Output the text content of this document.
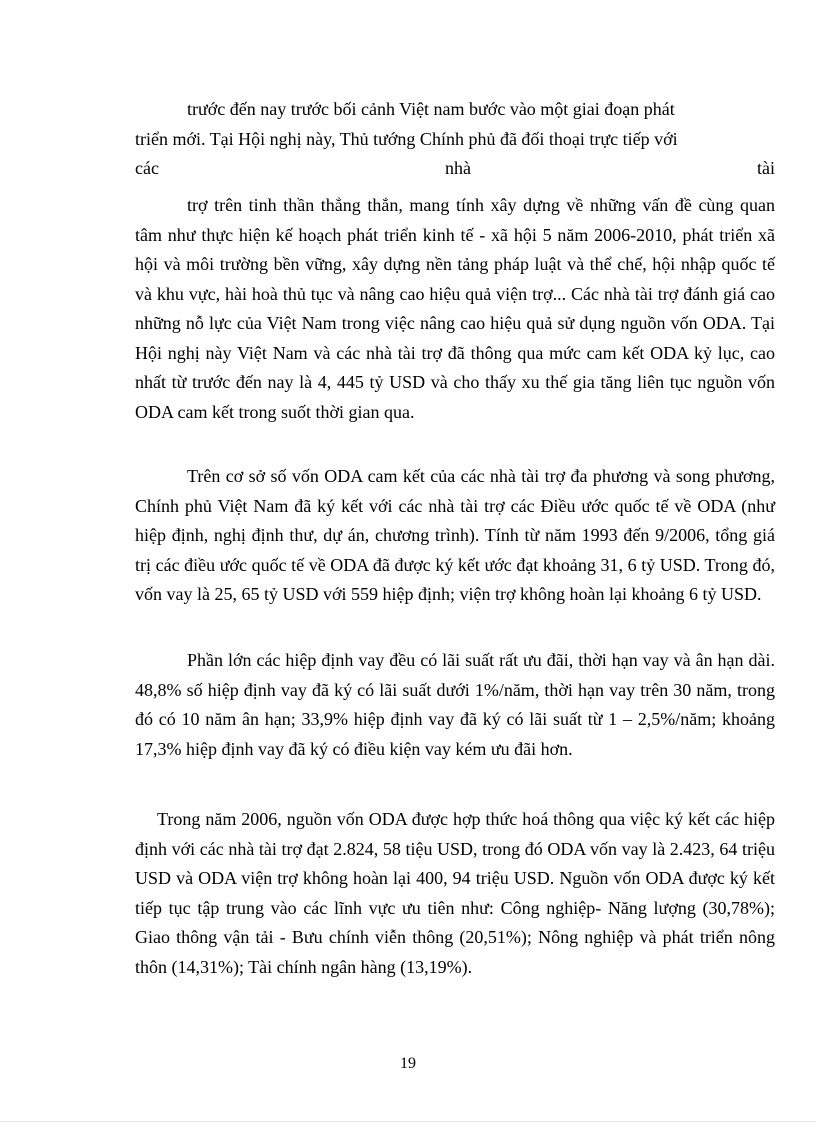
trước đến nay trước bối cảnh Việt nam bước vào một giai đoạn phát

triển mới. Tại Hội nghị này, Thủ tướng Chính phủ đã đối thoại trực tiếp với

các	nhà	tài

trợ trên tinh thần thẳng thắn, mang tính xây dựng về những vấn đề cùng quan tâm như thực hiện kế hoạch phát triển kinh tế - xã hội 5 năm 2006-2010, phát triển xã hội và môi trường bền vững, xây dựng nền tảng pháp luật và thể chế, hội nhập quốc tế và khu vực, hài hoà thủ tục và nâng cao hiệu quả viện trợ... Các nhà tài trợ đánh giá cao những nỗ lực của Việt Nam trong việc nâng cao hiệu quả sử dụng nguồn vốn ODA. Tại Hội nghị này Việt Nam và các nhà tài trợ đã thông qua mức cam kết ODA kỷ lục, cao nhất từ trước đến nay là 4, 445 tỷ USD và cho thấy xu thế gia tăng liên tục nguồn vốn ODA cam kết trong suốt thời gian qua.

Trên cơ sở số vốn ODA cam kết của các nhà tài trợ đa phương và song phương, Chính phủ Việt Nam đã ký kết với các nhà tài trợ các Điều ước quốc tế về ODA (như hiệp định, nghị định thư, dự án, chương trình). Tính từ năm 1993 đến 9/2006, tổng giá trị các điều ước quốc tế về ODA đã được ký kết ước đạt khoảng 31, 6 tỷ USD. Trong đó, vốn vay là 25, 65 tỷ USD với 559 hiệp định; viện trợ không hoàn lại khoảng 6 tỷ USD.

Phần lớn các hiệp định vay đều có lãi suất rất ưu đãi, thời hạn vay và ân hạn dài. 48,8% số hiệp định vay đã ký có lãi suất dưới 1%/năm, thời hạn vay trên 30 năm, trong đó có 10 năm ân hạn; 33,9% hiệp định vay đã ký có lãi suất từ 1 – 2,5%/năm; khoảng 17,3% hiệp định vay đã ký có điều kiện vay kém ưu đãi hơn.

Trong năm 2006, nguồn vốn ODA được hợp thức hoá thông qua việc ký kết các hiệp định với các nhà tài trợ đạt 2.824, 58 tiệu USD, trong đó ODA vốn vay là 2.423, 64 triệu USD và ODA viện trợ không hoàn lại 400, 94 triệu USD. Nguồn vốn ODA được ký kết tiếp tục tập trung vào các lĩnh vực ưu tiên như: Công nghiệp- Năng lượng (30,78%); Giao thông vận tải - Bưu chính viễn thông (20,51%); Nông nghiệp và phát triển nông thôn (14,31%); Tài chính ngân hàng (13,19%).

19
